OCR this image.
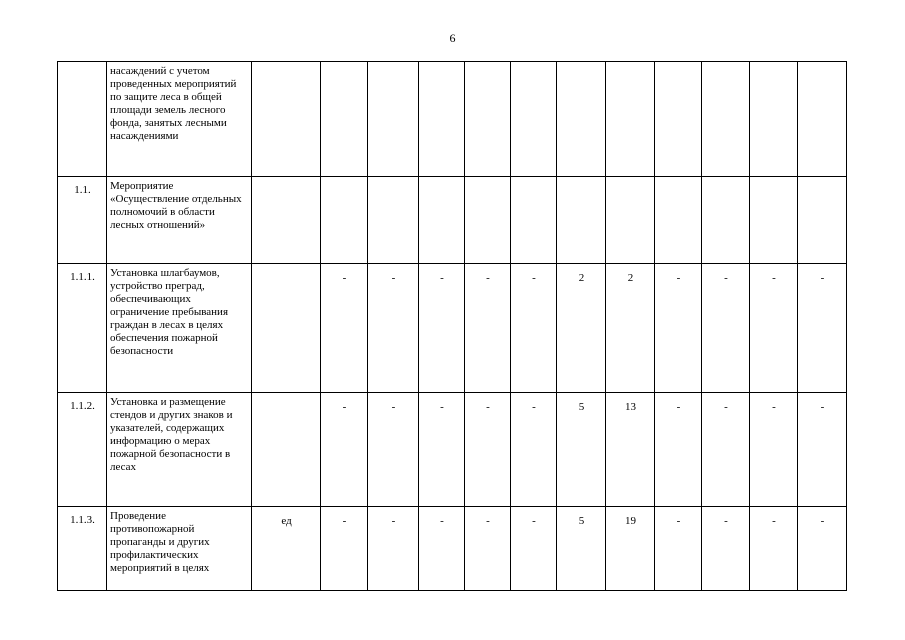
6
	насаждений с учетом проведенных мероприятий по защите леса в общей площади земель лесного фонда, занятых лесными насаждениями												
1.1.	Мероприятие «Осуществление отдельных полномочий в области лесных отношений»												
1.1.1.	Установка шлагбаумов, устройство преград, обеспечивающих ограничение пребывания граждан в лесах в целях обеспечения пожарной безопасности		-	-	-	-	-	2	2	-	-	-	-
1.1.2.	Установка и размещение стендов и других знаков и указателей, содержащих информацию о мерах пожарной безопасности в лесах		-	-	-	-	-	5	13	-	-	-	-
1.1.3.	Проведение противопожарной пропаганды и других профилактических мероприятий в целях	ед	-	-	-	-	-	5	19	-	-	-	-
